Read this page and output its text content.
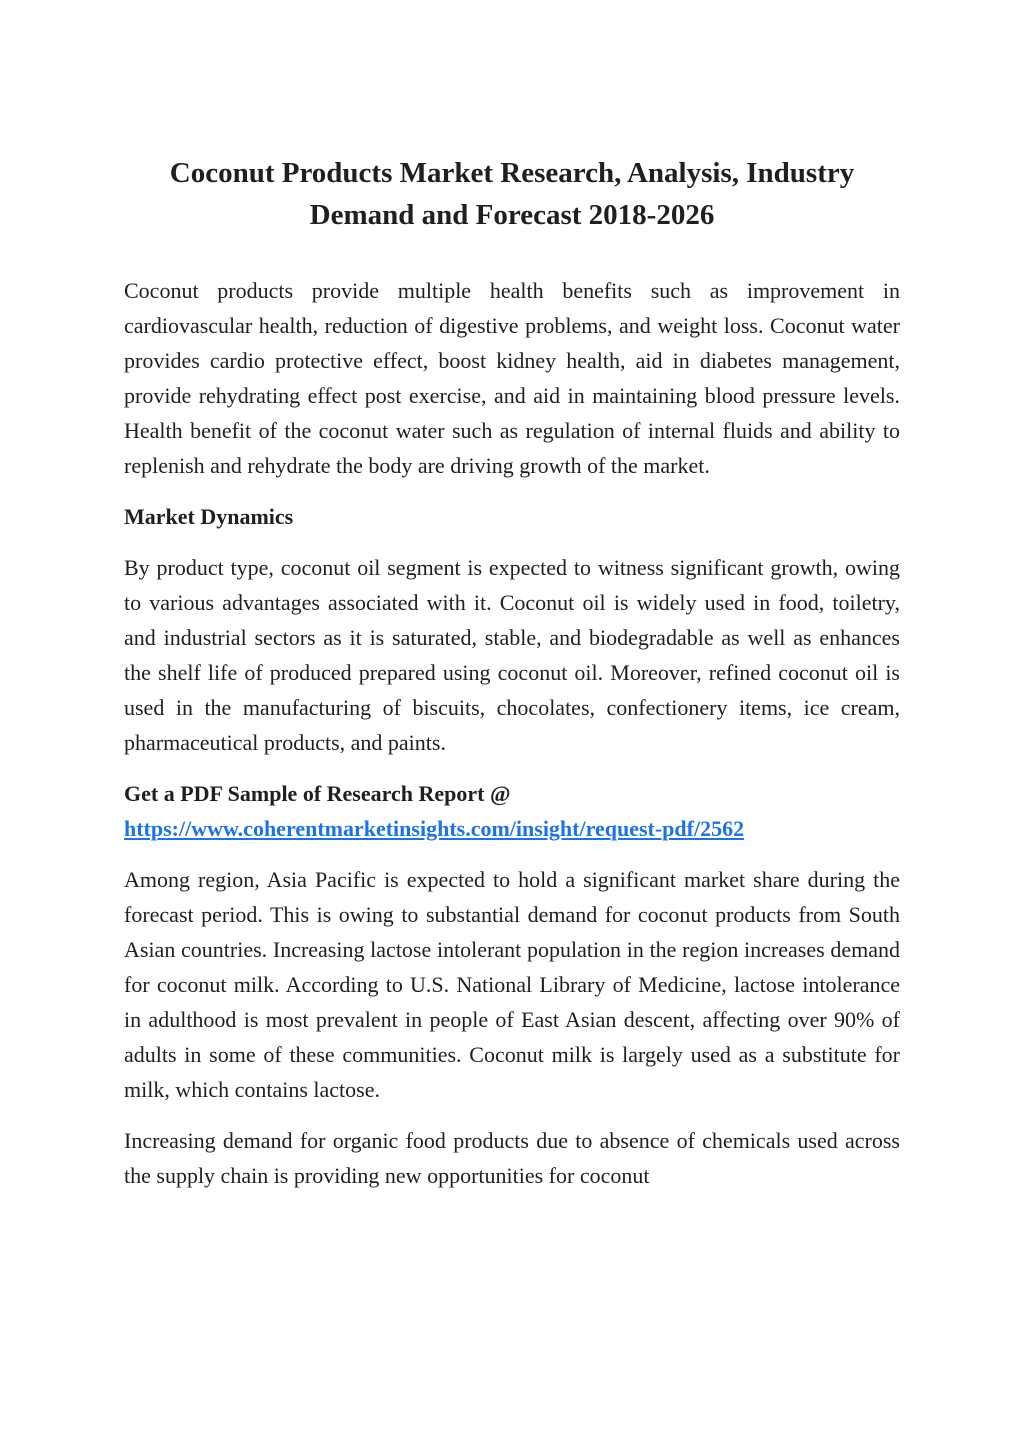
Coconut Products Market Research, Analysis, Industry
Demand and Forecast 2018-2026

Coconut products provide multiple health benefits such as improvement in cardiovascular health, reduction of digestive problems, and weight loss. Coconut water provides cardio protective effect, boost kidney health, aid in diabetes management, provide rehydrating effect post exercise, and aid in maintaining blood pressure levels. Health benefit of the coconut water such as regulation of internal fluids and ability to replenish and rehydrate the body are driving growth of the market.

Market Dynamics

By product type, coconut oil segment is expected to witness significant growth, owing to various advantages associated with it. Coconut oil is widely used in food, toiletry, and industrial sectors as it is saturated, stable, and biodegradable as well as enhances the shelf life of produced prepared using coconut oil. Moreover, refined coconut oil is used in the manufacturing of biscuits, chocolates, confectionery items, ice cream, pharmaceutical products, and paints.

Get a PDF Sample of Research Report @
https://www.coherentmarketinsights.com/insight/request-pdf/2562

Among region, Asia Pacific is expected to hold a significant market share during the forecast period. This is owing to substantial demand for coconut products from South Asian countries. Increasing lactose intolerant population in the region increases demand for coconut milk. According to U.S. National Library of Medicine, lactose intolerance in adulthood is most prevalent in people of East Asian descent, affecting over 90% of adults in some of these communities. Coconut milk is largely used as a substitute for milk, which contains lactose.

Increasing demand for organic food products due to absence of chemicals used across the supply chain is providing new opportunities for coconut
